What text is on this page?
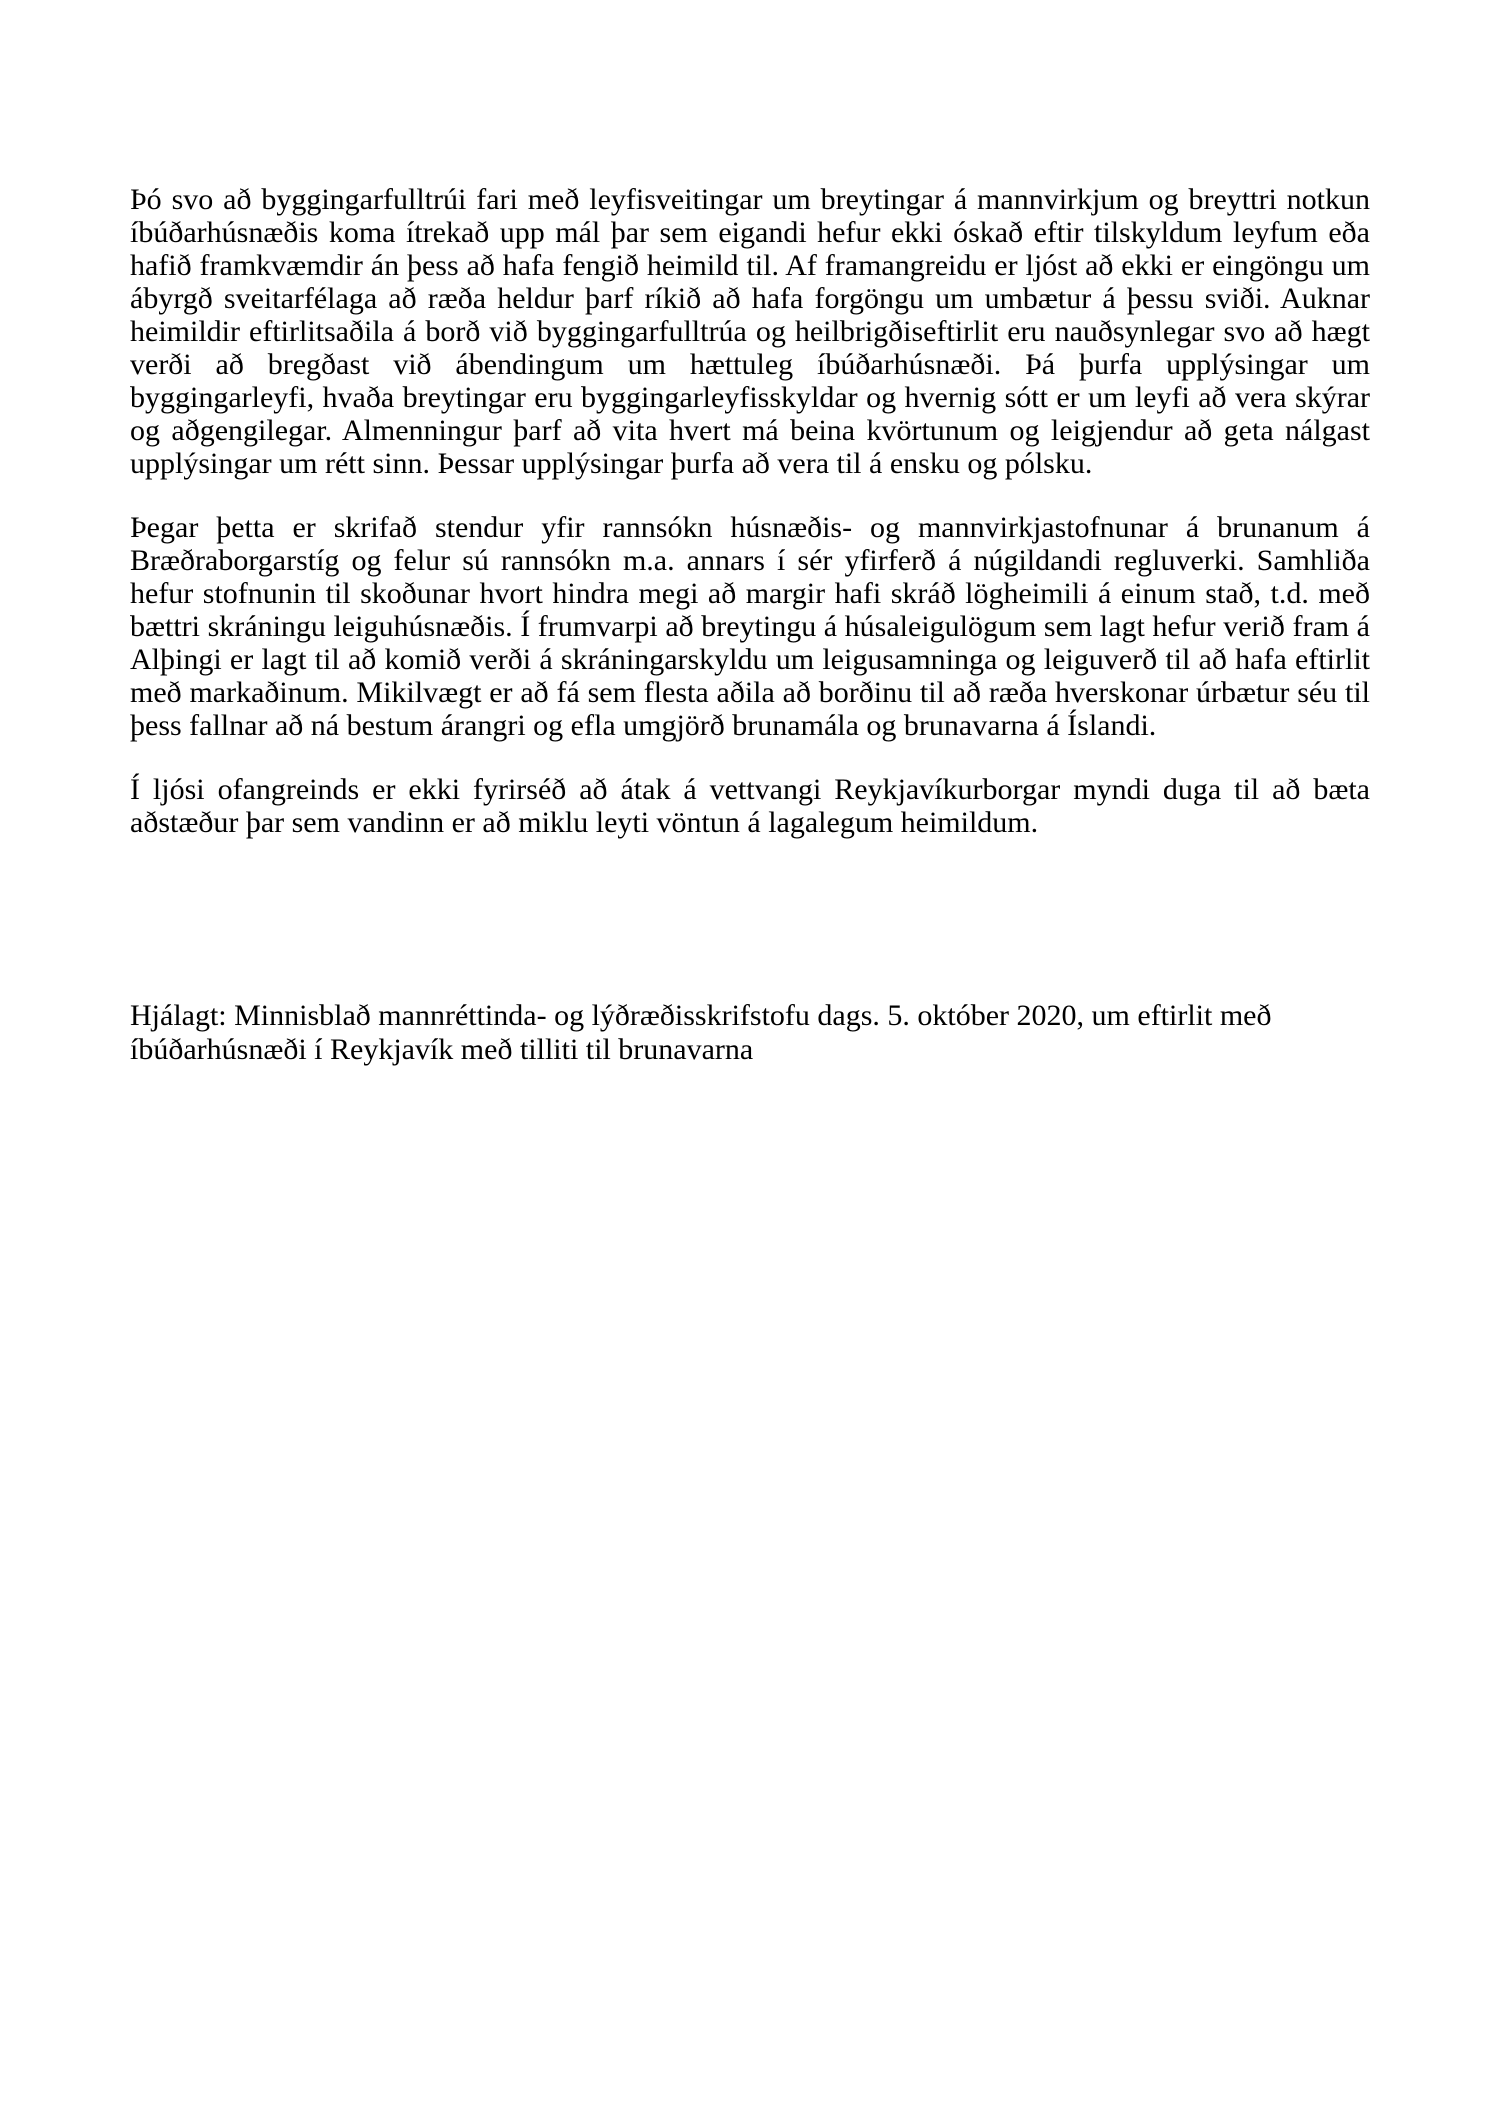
Þó svo að byggingarfulltrúi fari með leyfisveitingar um breytingar á mannvirkjum og breyttri notkun íbúðarhúsnæðis koma ítrekað upp mál þar sem eigandi hefur ekki óskað eftir tilskyldum leyfum eða hafið framkvæmdir án þess að hafa fengið heimild til. Af framangreidu er ljóst að ekki er eingöngu um ábyrgð sveitarfélaga að ræða heldur þarf ríkið að hafa forgöngu um umbætur á þessu sviði. Auknar heimildir eftirlitsaðila á borð við byggingarfulltrúa og heilbrigðiseftirlit eru nauðsynlegar svo að hægt verði að bregðast við ábendingum um hættuleg íbúðarhúsnæði. Þá þurfa upplýsingar um byggingarleyfi, hvaða breytingar eru byggingarleyfisskyldar og hvernig sótt er um leyfi að vera skýrar og aðgengilegar. Almenningur þarf að vita hvert má beina kvörtunum og leigjendur að geta nálgast upplýsingar um rétt sinn. Þessar upplýsingar þurfa að vera til á ensku og pólsku.

Þegar þetta er skrifað stendur yfir rannsókn húsnæðis- og mannvirkjastofnunar á brunanum á Bræðraborgarstíg og felur sú rannsókn m.a. annars í sér yfirferð á núgildandi regluverki. Samhliða hefur stofnunin til skoðunar hvort hindra megi að margir hafi skráð lögheimili á einum stað, t.d. með bættri skráningu leiguhúsnæðis. Í frumvarpi að breytingu á húsaleigulögum sem lagt hefur verið fram á Alþingi er lagt til að komið verði á skráningarskyldu um leigusamninga og leiguverð til að hafa eftirlit með markaðinum. Mikilvægt er að fá sem flesta aðila að borðinu til að ræða hverskonar úrbætur séu til þess fallnar að ná bestum árangri og efla umgjörð brunamála og brunavarna á Íslandi.

Í ljósi ofangreinds er ekki fyrirséð að átak á vettvangi Reykjavíkurborgar myndi duga til að bæta aðstæður þar sem vandinn er að miklu leyti vöntun á lagalegum heimildum.

Hjálagt: Minnisblað mannréttinda- og lýðræðisskrifstofu dags. 5. október 2020, um eftirlit með íbúðarhúsnæði í Reykjavík með tilliti til brunavarna
